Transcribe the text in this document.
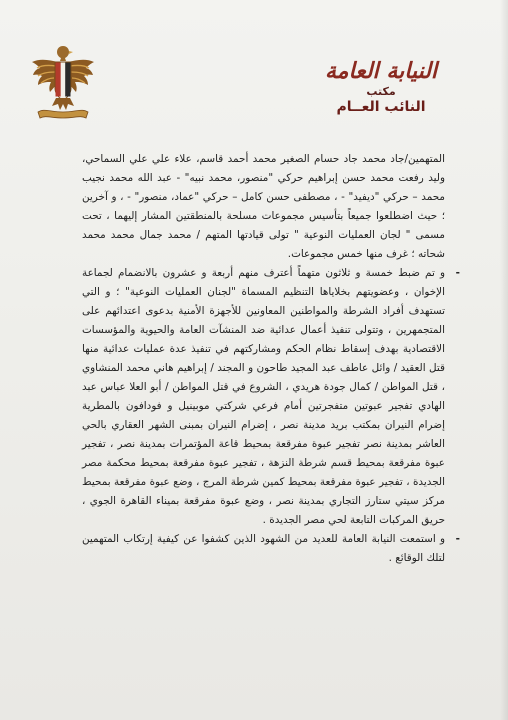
النيابة العامة
مكتب
النائب العــام

المتهمين/جاد محمد جاد حسام الصغير محمد أحمد قاسم، علاء علي علي السماحي، وليد رفعت محمد حسن إبراهيم حركي "منصور، محمد نبيه" - عبد الله محمد نجيب محمد – حركي "ديفيد" - ، مصطفى حسن كامل – حركي "عماد، منصور" - ، و آخرين ؛ حيث اضطلعوا جميعاً بتأسيس مجموعات مسلحة بالمنطقتين المشار إليهما ، تحت مسمى " لجان العمليات النوعية " تولى قيادتها المتهم / محمد جمال محمد محمد شحاته ؛ غرف منها خمس مجموعات.

-
و تم ضبط خمسة و ثلاثون متهماً أعترف منهم أربعة و عشرون بالانضمام لجماعة الإخوان ، وعضويتهم بخلاياها التنظيم المسماة "لجنان العمليات النوعية" ؛ و التي تستهدف أفراد الشرطة والمواطنين المعاونين للأجهزة الأمنية بدعوى اعتدائهم على المتجمهرين ، وتتولى تنفيذ أعمال عدائية ضد المنشآت العامة والحيوية والمؤسسات الاقتصادية بهدف إسقاط نظام الحكم ومشاركتهم في تنفيذ عدة عمليات عدائية منها قتل العقيد / وائل عاطف عبد المجيد طاحون و المجند / إبراهيم هاني محمد المنشاوي ، قتل المواطن / كمال جودة هريدي ، الشروع في قتل المواطن / أبو العلا عباس عبد الهادي تفجير عبوتين متفجرتين أمام فرعي شركتي موبينيل و فودافون بالمطرية إضرام النيران بمكتب بريد مدينة نصر ، إضرام النيران بمبنى الشهر العقاري بالحي العاشر بمدينة نصر تفجير عبوة مفرقعة بمحيط قاعة المؤتمرات بمدينة نصر ، تفجير عبوة مفرقعة بمحيط قسم شرطة النزهة ، تفجير عبوة مفرقعة بمحيط محكمة مصر الجديدة ، تفجير عبوة مفرقعة بمحيط كمين شرطة المرج ، وضع عبوة مفرقعة بمحيط مركز سيتي ستارز التجاري بمدينة نصر ، وضع عبوة مفرقعة بميناء القاهرة الجوي ، حريق المركبات التابعة لحي مصر الجديدة .

-
و استمعت النيابة العامة للعديد من الشهود الذين كشفوا عن كيفية إرتكاب المتهمين لتلك الوقائع .
